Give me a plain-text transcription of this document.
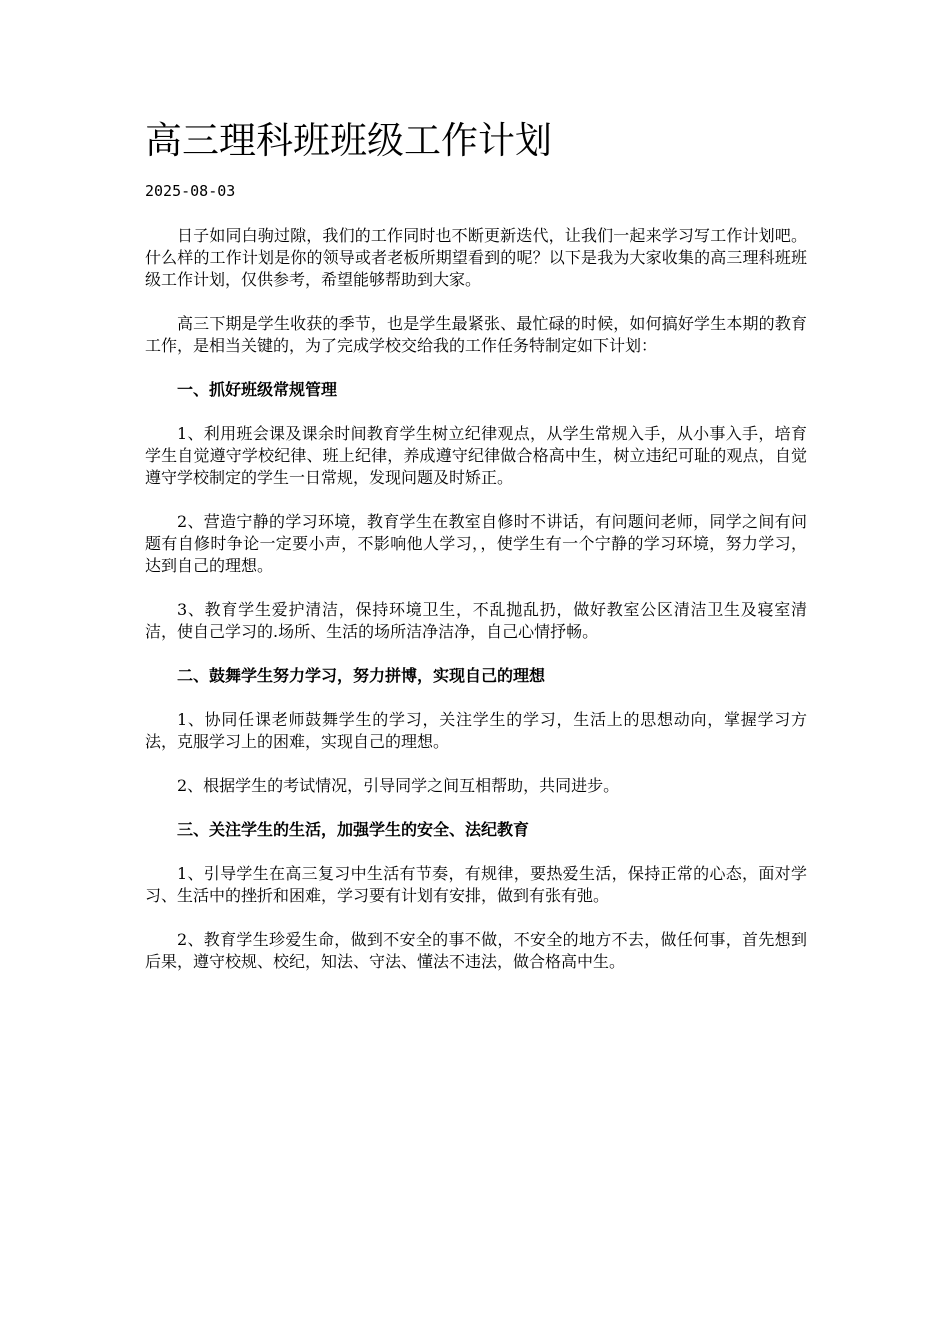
高三理科班班级工作计划
2025-08-03

日子如同白驹过隙，我们的工作同时也不断更新迭代，让我们一起来学习写工作计划吧。什么样的工作计划是你的领导或者老板所期望看到的呢？以下是我为大家收集的高三理科班班级工作计划，仅供参考，希望能够帮助到大家。

高三下期是学生收获的季节，也是学生最紧张、最忙碌的时候，如何搞好学生本期的教育工作，是相当关键的，为了完成学校交给我的工作任务特制定如下计划：

一、抓好班级常规管理

1、利用班会课及课余时间教育学生树立纪律观点，从学生常规入手，从小事入手，培育学生自觉遵守学校纪律、班上纪律，养成遵守纪律做合格高中生，树立违纪可耻的观点，自觉遵守学校制定的学生一日常规，发现问题及时矫正。

2、营造宁静的学习环境，教育学生在教室自修时不讲话，有问题问老师，同学之间有问题有自修时争论一定要小声，不影响他人学习，，使学生有一个宁静的学习环境，努力学习，达到自己的理想。

3、教育学生爱护清洁，保持环境卫生，不乱抛乱扔，做好教室公区清洁卫生及寝室清洁，使自己学习的.场所、生活的场所洁净洁净，自己心情抒畅。

二、鼓舞学生努力学习，努力拼博，实现自己的理想

1、协同任课老师鼓舞学生的学习，关注学生的学习，生活上的思想动向，掌握学习方法，克服学习上的困难，实现自己的理想。

2、根据学生的考试情况，引导同学之间互相帮助，共同进步。

三、关注学生的生活，加强学生的安全、法纪教育

1、引导学生在高三复习中生活有节奏，有规律，要热爱生活，保持正常的心态，面对学习、生活中的挫折和困难，学习要有计划有安排，做到有张有弛。

2、教育学生珍爱生命，做到不安全的事不做，不安全的地方不去，做任何事，首先想到后果，遵守校规、校纪，知法、守法、懂法不违法，做合格高中生。
